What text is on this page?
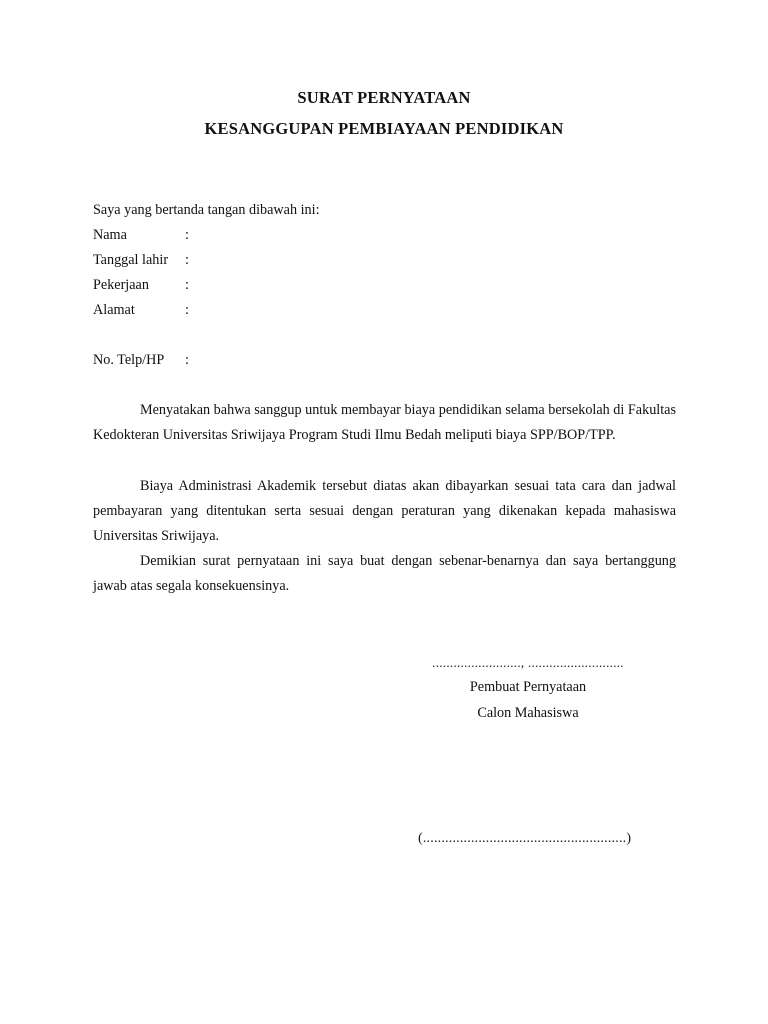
SURAT PERNYATAAN
KESANGGUPAN PEMBIAYAAN PENDIDIKAN
Saya yang bertanda tangan dibawah ini:
Nama	:
Tanggal lahir :
Pekerjaan	:
Alamat	:
No. Telp/HP :

Menyatakan bahwa sanggup untuk membayar biaya pendidikan selama bersekolah di Fakultas Kedokteran Universitas Sriwijaya Program Studi Ilmu Bedah meliputi biaya SPP/BOP/TPP.

Biaya Administrasi Akademik tersebut diatas akan dibayarkan sesuai tata cara dan jadwal pembayaran yang ditentukan serta sesuai dengan peraturan yang dikenakan kepada mahasiswa Universitas Sriwijaya.

Demikian surat pernyataan ini saya buat dengan sebenar-benarnya dan saya bertanggung jawab atas segala konsekuensinya.

........................., ...........................
Pembuat Pernyataan
Calon Mahasiswa
(.......................................................)
